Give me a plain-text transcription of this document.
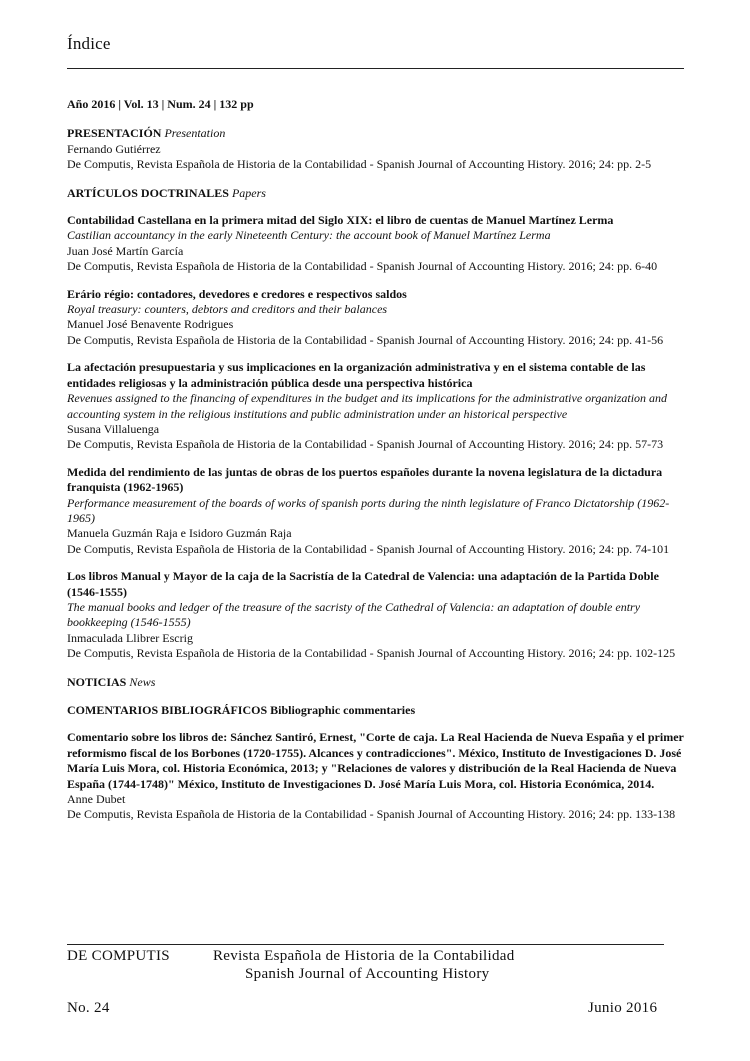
Índice

Año 2016 | Vol. 13 | Num. 24 | 132 pp

PRESENTACIÓN Presentation

Fernando Gutiérrez

De Computis, Revista Española de Historia de la Contabilidad - Spanish Journal of Accounting History. 2016; 24: pp. 2-5

ARTÍCULOS DOCTRINALES Papers

Contabilidad Castellana en la primera mitad del Siglo XIX: el libro de cuentas de Manuel Martínez Lerma

Castilian accountancy in the early Nineteenth Century: the account book of Manuel Martínez Lerma

Juan José Martín García

De Computis, Revista Española de Historia de la Contabilidad - Spanish Journal of Accounting History. 2016; 24: pp. 6-40

Erário régio: contadores, devedores e credores e respectivos saldos

Royal treasury: counters, debtors and creditors and their balances

Manuel José Benavente Rodrigues

De Computis, Revista Española de Historia de la Contabilidad - Spanish Journal of Accounting History. 2016; 24: pp. 41-56

La afectación presupuestaria y sus implicaciones en la organización administrativa y en el sistema contable de las entidades religiosas y la administración pública desde una perspectiva histórica

Revenues assigned to the financing of expenditures in the budget and its implications for the administrative organization and accounting system in the religious institutions and public administration under an historical perspective

Susana Villaluenga

De Computis, Revista Española de Historia de la Contabilidad - Spanish Journal of Accounting History. 2016; 24: pp. 57-73

Medida del rendimiento de las juntas de obras de los puertos españoles durante la novena legislatura de la dictadura franquista (1962-1965)

Performance measurement of the boards of works of spanish ports during the ninth legislature of Franco Dictatorship (1962-1965)

Manuela Guzmán Raja e Isidoro Guzmán Raja

De Computis, Revista Española de Historia de la Contabilidad - Spanish Journal of Accounting History. 2016; 24: pp. 74-101

Los libros Manual y Mayor de la caja de la Sacristía de la Catedral de Valencia: una adaptación de la Partida Doble (1546-1555)

The manual books and ledger of the treasure of the sacristy of the Cathedral of Valencia: an adaptation of double entry bookkeeping (1546-1555)

Inmaculada Llibrer Escrig

De Computis, Revista Española de Historia de la Contabilidad - Spanish Journal of Accounting History. 2016; 24: pp. 102-125

NOTICIAS News

COMENTARIOS BIBLIOGRÁFICOS Bibliographic commentaries

Comentario sobre los libros de: Sánchez Santiró, Ernest, "Corte de caja. La Real Hacienda de Nueva España y el primer reformismo fiscal de los Borbones (1720-1755). Alcances y contradicciones". México, Instituto de Investigaciones D. José María Luis Mora, col. Historia Económica, 2013; y "Relaciones de valores y distribución de la Real Hacienda de Nueva España (1744-1748)" México, Instituto de Investigaciones D. José María Luis Mora, col. Historia Económica, 2014.

Anne Dubet

De Computis, Revista Española de Historia de la Contabilidad - Spanish Journal of Accounting History. 2016; 24: pp. 133-138

DE COMPUTIS	Revista Española de Historia de la Contabilidad
Spanish Journal of Accounting History
No. 24	Junio 2016
